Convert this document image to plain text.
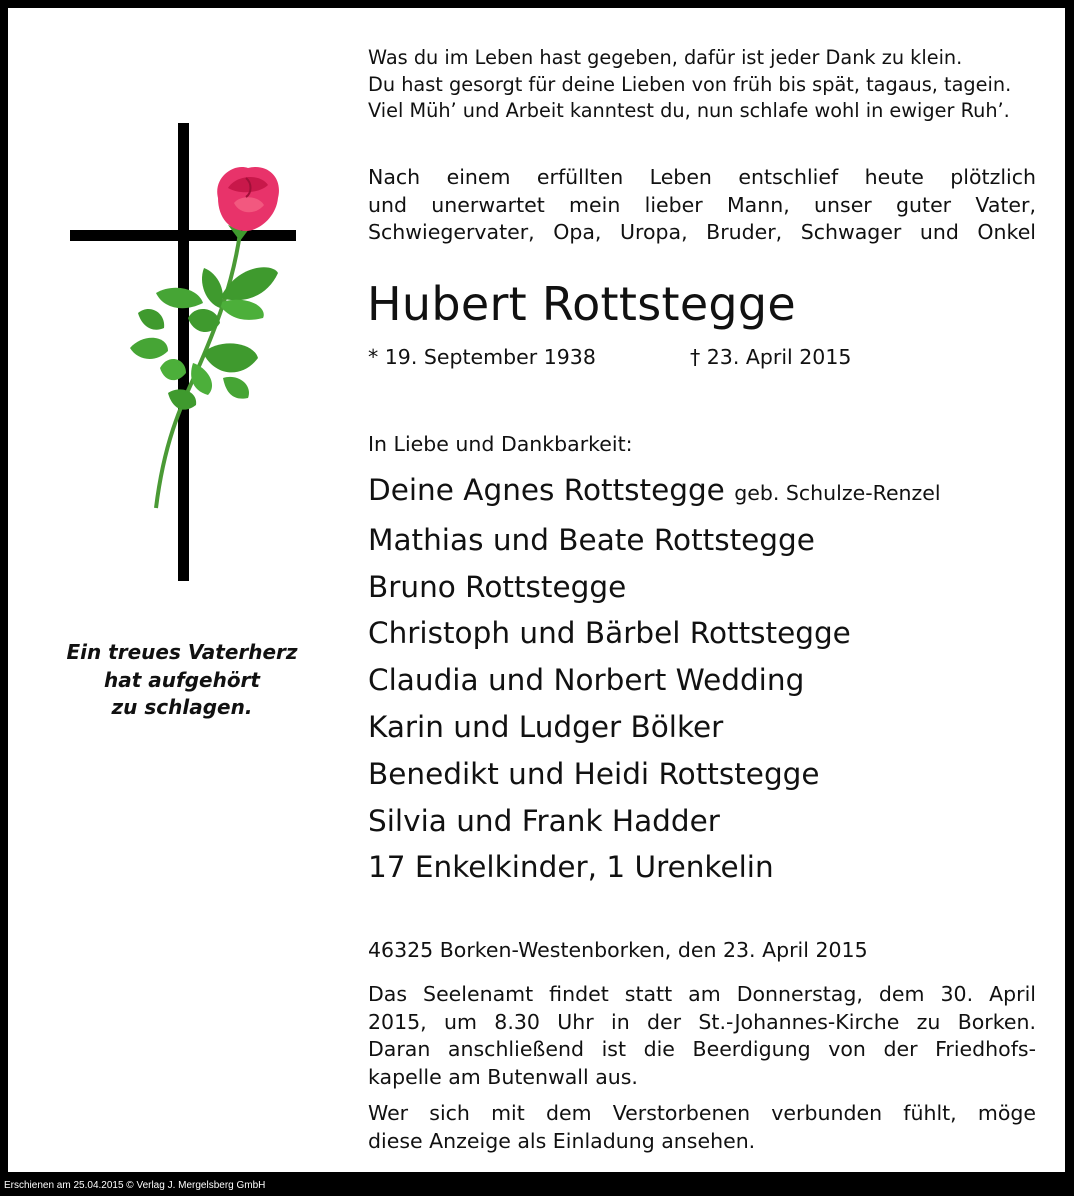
Ein treues Vaterherz
hat aufgehört
zu schlagen.

Was du im Leben hast gegeben, dafür ist jeder Dank zu klein.

Du hast gesorgt für deine Lieben von früh bis spät, tagaus, tagein.

Viel Müh’ und Arbeit kanntest du, nun schlafe wohl in ewiger Ruh’.

Nach einem erfüllten Leben entschlief heute plötzlich

und unerwartet mein lieber Mann, unser guter Vater,

Schwiegervater, Opa, Uropa, Bruder, Schwager und Onkel

Hubert Rottstegge
* 19. September 1938	† 23. April 2015
In Liebe und Dankbarkeit:
Deine Agnes Rottstegge geb. Schulze-Renzel
Mathias und Beate Rottstegge
Bruno Rottstegge
Christoph und Bärbel Rottstegge
Claudia und Norbert Wedding
Karin und Ludger Bölker
Benedikt und Heidi Rottstegge
Silvia und Frank Hadder
17 Enkelkinder, 1 Urenkelin
46325 Borken-Westenborken, den 23. April 2015

Das Seelenamt findet statt am Donnerstag, dem 30. April

2015, um 8.30 Uhr in der St.-Johannes-Kirche zu Borken.

Daran anschließend ist die Beerdigung von der Friedhofs-

kapelle am Butenwall aus.

Wer sich mit dem Verstorbenen verbunden fühlt, möge

diese Anzeige als Einladung ansehen.

Erschienen am 25.04.2015 © Verlag J. Mergelsberg GmbH
